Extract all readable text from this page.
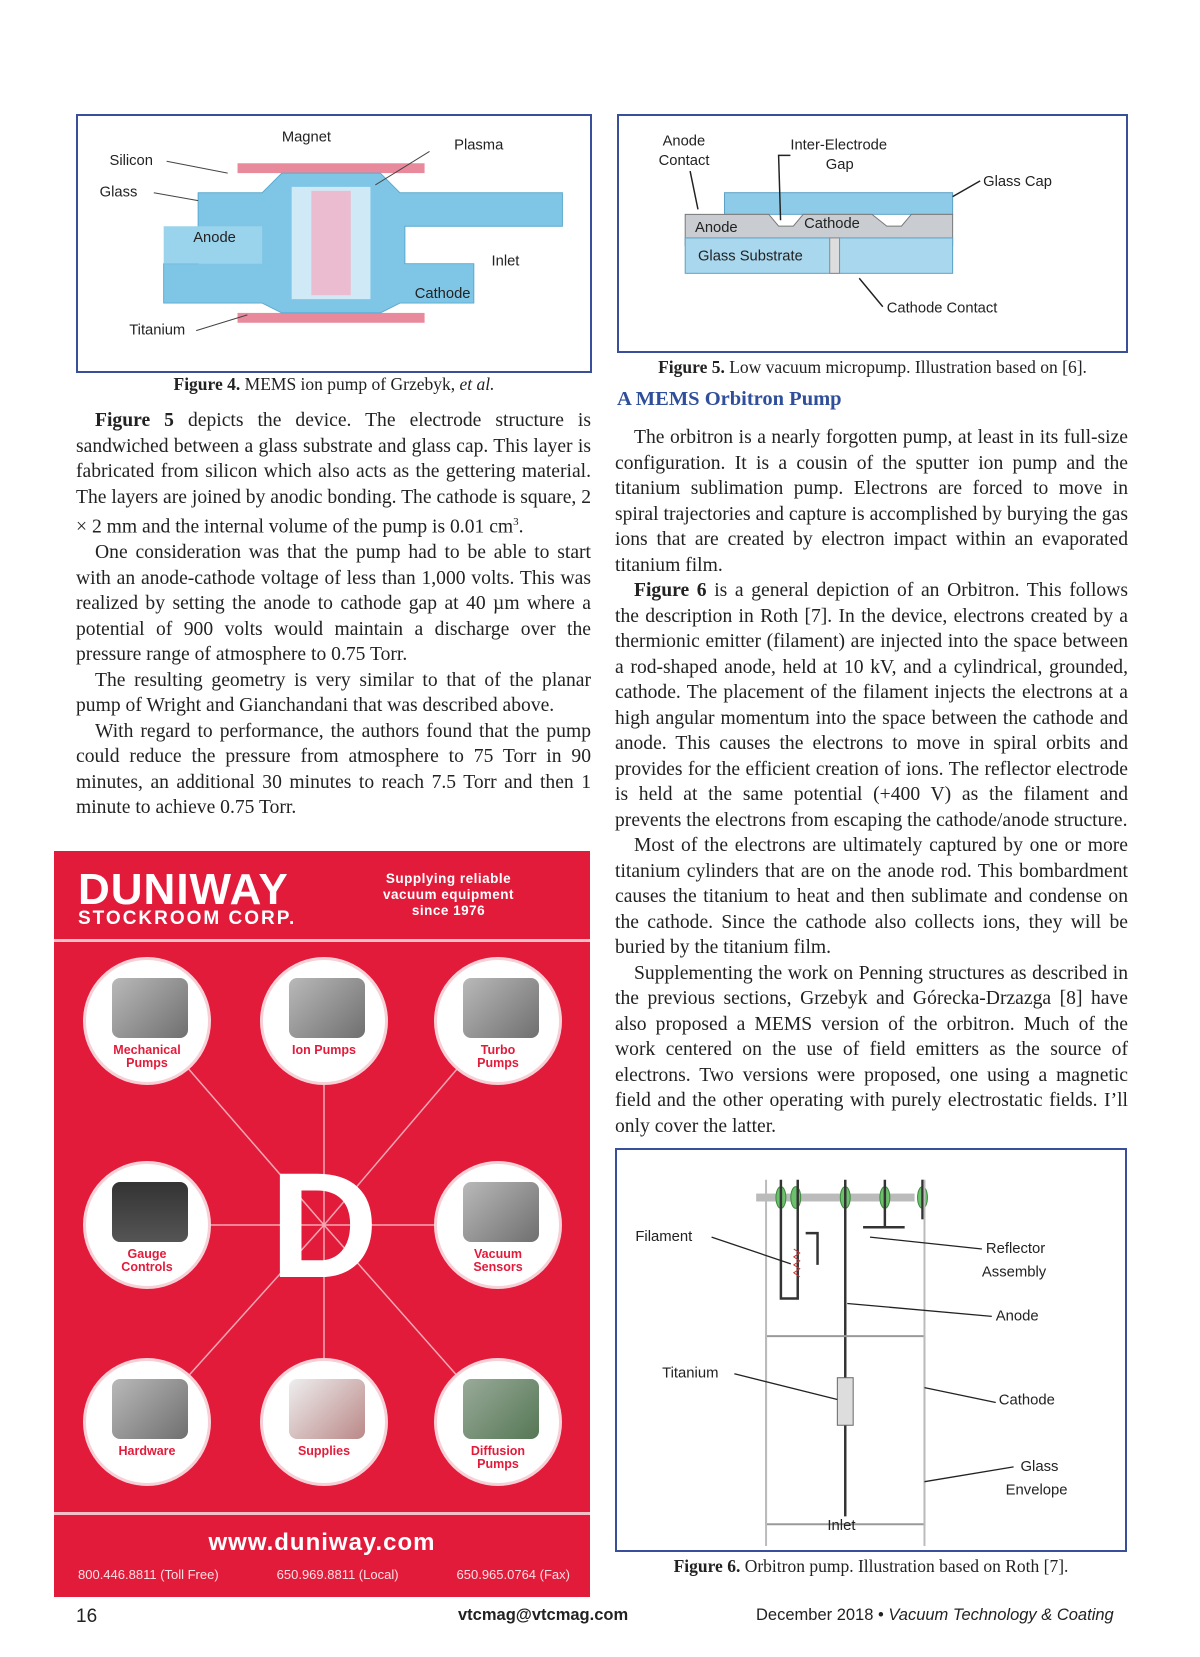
Magnet	Plasma
Silicon
Glass
Anode
Inlet
Cathode
Titanium
Figure 4. MEMS ion pump of Grzebyk, et al.

Figure 5 depicts the device. The electrode structure is sandwiched between a glass substrate and glass cap. This layer is fabricated from silicon which also acts as the gettering material. The layers are joined by anodic bonding. The cathode is square, 2 × 2 mm and the internal volume of the pump is 0.01 $cm^3$.

One consideration was that the pump had to be able to start with an anode-cathode voltage of less than 1,000 volts. This was realized by setting the anode to cathode gap at 40 µm where a potential of 900 volts would maintain a discharge over the pressure range of atmosphere to 0.75 Torr.

The resulting geometry is very similar to that of the planar pump of Wright and Gianchandani that was described above.

With regard to performance, the authors found that the pump could reduce the pressure from atmosphere to 75 Torr in 90 minutes, an additional 30 minutes to reach 7.5 Torr and then 1 minute to achieve 0.75 Torr.

DUNIWAY
STOCKROOM CORP.
Supplying reliable
vacuum equipment
since 1976
D
Mechanical
Pumps
Ion Pumps	Turbo
Pumps
Gauge
Controls
Vacuum
Sensors
Hardware	Supplies	Diffusion
Pumps
www.duniway.com
800.446.8811 (Toll Free)	650.969.8811 (Local)	650.965.0764 (Fax)
Anode
Contact
Inter-Electrode
Gap
Glass Cap
Anode	Cathode
Glass Substrate
Cathode Contact
Figure 5. Low vacuum micropump. Illustration based on [6].
A MEMS Orbitron Pump

The orbitron is a nearly forgotten pump, at least in its full-size configuration. It is a cousin of the sputter ion pump and the titanium sublimation pump. Electrons are forced to move in spiral trajectories and capture is accomplished by burying the gas ions that are created by electron impact within an evaporated titanium film.

Figure 6 is a general depiction of an Orbitron. This follows the description in Roth [7]. In the device, electrons created by a thermionic emitter (filament) are injected into the space between a rod-shaped anode, held at 10 kV, and a cylindrical, grounded, cathode. The placement of the filament injects the electrons at a high angular momentum into the space between the cathode and anode. This causes the electrons to move in spiral orbits and provides for the efficient creation of ions. The reflector electrode is held at the same potential (+400 V) as the filament and prevents the electrons from escaping the cathode/anode structure.

Most of the electrons are ultimately captured by one or more titanium cylinders that are on the anode rod. This bombardment causes the titanium to heat and then sublimate and condense on the cathode. Since the cathode also collects ions, they will be buried by the titanium film.

Supplementing the work on Penning structures as described in the previous sections, Grzebyk and Górecka-Drzazga [8] have also proposed a MEMS version of the orbitron. Much of the work centered on the use of field emitters as the source of electrons. Two versions were proposed, one using a magnetic field and the other operating with purely electrostatic fields. I’ll only cover the latter.

Filament
Reflector
Assembly
Anode
Titanium
Cathode
Glass
Envelope
Inlet
Figure 6. Orbitron pump. Illustration based on Roth [7].
16	vtcmag@vtcmag.com	December 2018 • Vacuum Technology & Coating
